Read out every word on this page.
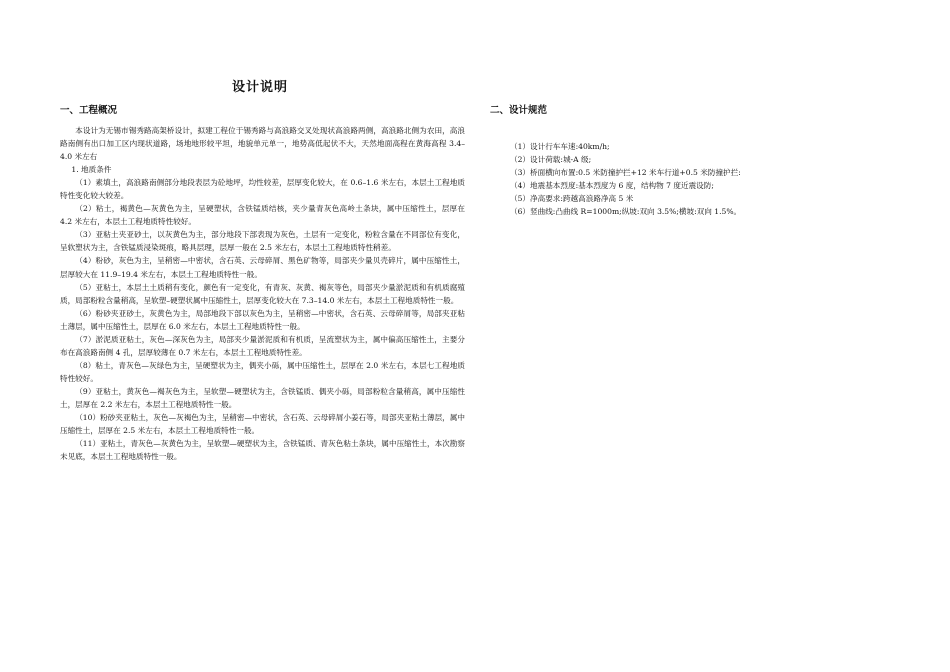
设计说明
一、工程概况

本设计为无锡市锡秀路高架桥设计，拟建工程位于锡秀路与高浪路交叉处现状高浪路两侧，高浪路北侧为农田，高浪路南侧有出口加工区内现状道路，场地地形较平坦，地貌单元单一，地势高低起伏不大，天然地面高程在黄海高程 3.4–4.0 米左右

1. 地质条件

（1）素填土，高浪路南侧部分地段表层为砼地坪，均性较差，层厚变化较大，在 0.6–1.6 米左右，本层土工程地质特性变化较大较差。

（2）粘土，褐黄色—灰黄色为主，呈硬塑状，含铁锰质结核，夹少量青灰色高岭土条块，属中压缩性土，层厚在 4.2 米左右，本层土工程地质特性较好。

（3）亚粘土夹亚砂土，以灰黄色为主，部分地段下部表现为灰色，土层有一定变化，粉粒含量在不同部位有变化，呈软塑状为主，含铁锰质浸染斑痕，略具层理，层厚一般在 2.5 米左右，本层土工程地质特性稍差。

（4）粉砂，灰色为主，呈稍密—中密状，含石英、云母碎屑、黑色矿物等，局部夹少量贝壳碎片，属中压缩性土，层厚较大在 11.9–19.4 米左右，本层土工程地质特性一般。

（5）亚粘土，本层土土质稍有变化，颜色有一定变化，有青灰、灰黄、褐灰等色，局部夹少量淤泥质和有机质腐殖质，局部粉粒含量稍高，呈软塑–硬塑状属中压缩性土，层厚变化较大在 7.3–14.0 米左右，本层土工程地质特性一般。

（6）粉砂夹亚砂土，灰黄色为主，局部地段下部以灰色为主，呈稍密—中密状，含石英、云母碎屑等，局部夹亚粘土薄层，属中压缩性土，层厚在 6.0 米左右，本层土工程地质特性一般。

（7）淤泥质亚粘土，灰色—深灰色为主，局部夹少量淤泥质和有机质，呈流塑状为主，属中偏高压缩性土，主要分布在高浪路南侧 4 孔，层厚较薄在 0.7 米左右，本层土工程地质特性差。

（8）粘土，青灰色—灰绿色为主，呈硬塑状为主，偶夹小砾，属中压缩性土，层厚在 2.0 米左右，本层七工程地质特性较好。

（9）亚粘土，黄灰色—褐灰色为主，呈软塑—硬塑状为主，含铁锰质、偶夹小砾，局部粉粒含量稍高，属中压缩性土，层厚在 2.2 米左右，本层土工程地质特性一般。

（10）粉砂夹亚粘土，灰色—灰褐色为主，呈稍密—中密状，含石英、云母碎屑小姜石等，局部夹亚粘土薄层，属中压缩性土，层厚在 2.5 米左右，本层土工程地质特性一般。

（11）亚粘土，青灰色—灰黄色为主，呈软塑—硬塑状为主，含铁锰质、青灰色粘土条块，属中压缩性土，本次勘察未见底，本层土工程地质特性一般。

二、设计规范
（1）设计行车车速:40km/h;
（2）设计荷载:城-A 级;
（3）桥面横向布置:0.5 米防撞护拦+12 米车行道+0.5 米防撞护拦:
（4）地震基本烈度:基本烈度为 6 度，结构物 7 度近震设防;
（5）净高要求:跨越高浪路净高 5 米
（6）竖曲线:凸曲线 R=1000m;纵坡:双向 3.5%;横坡:双向 1.5%。
